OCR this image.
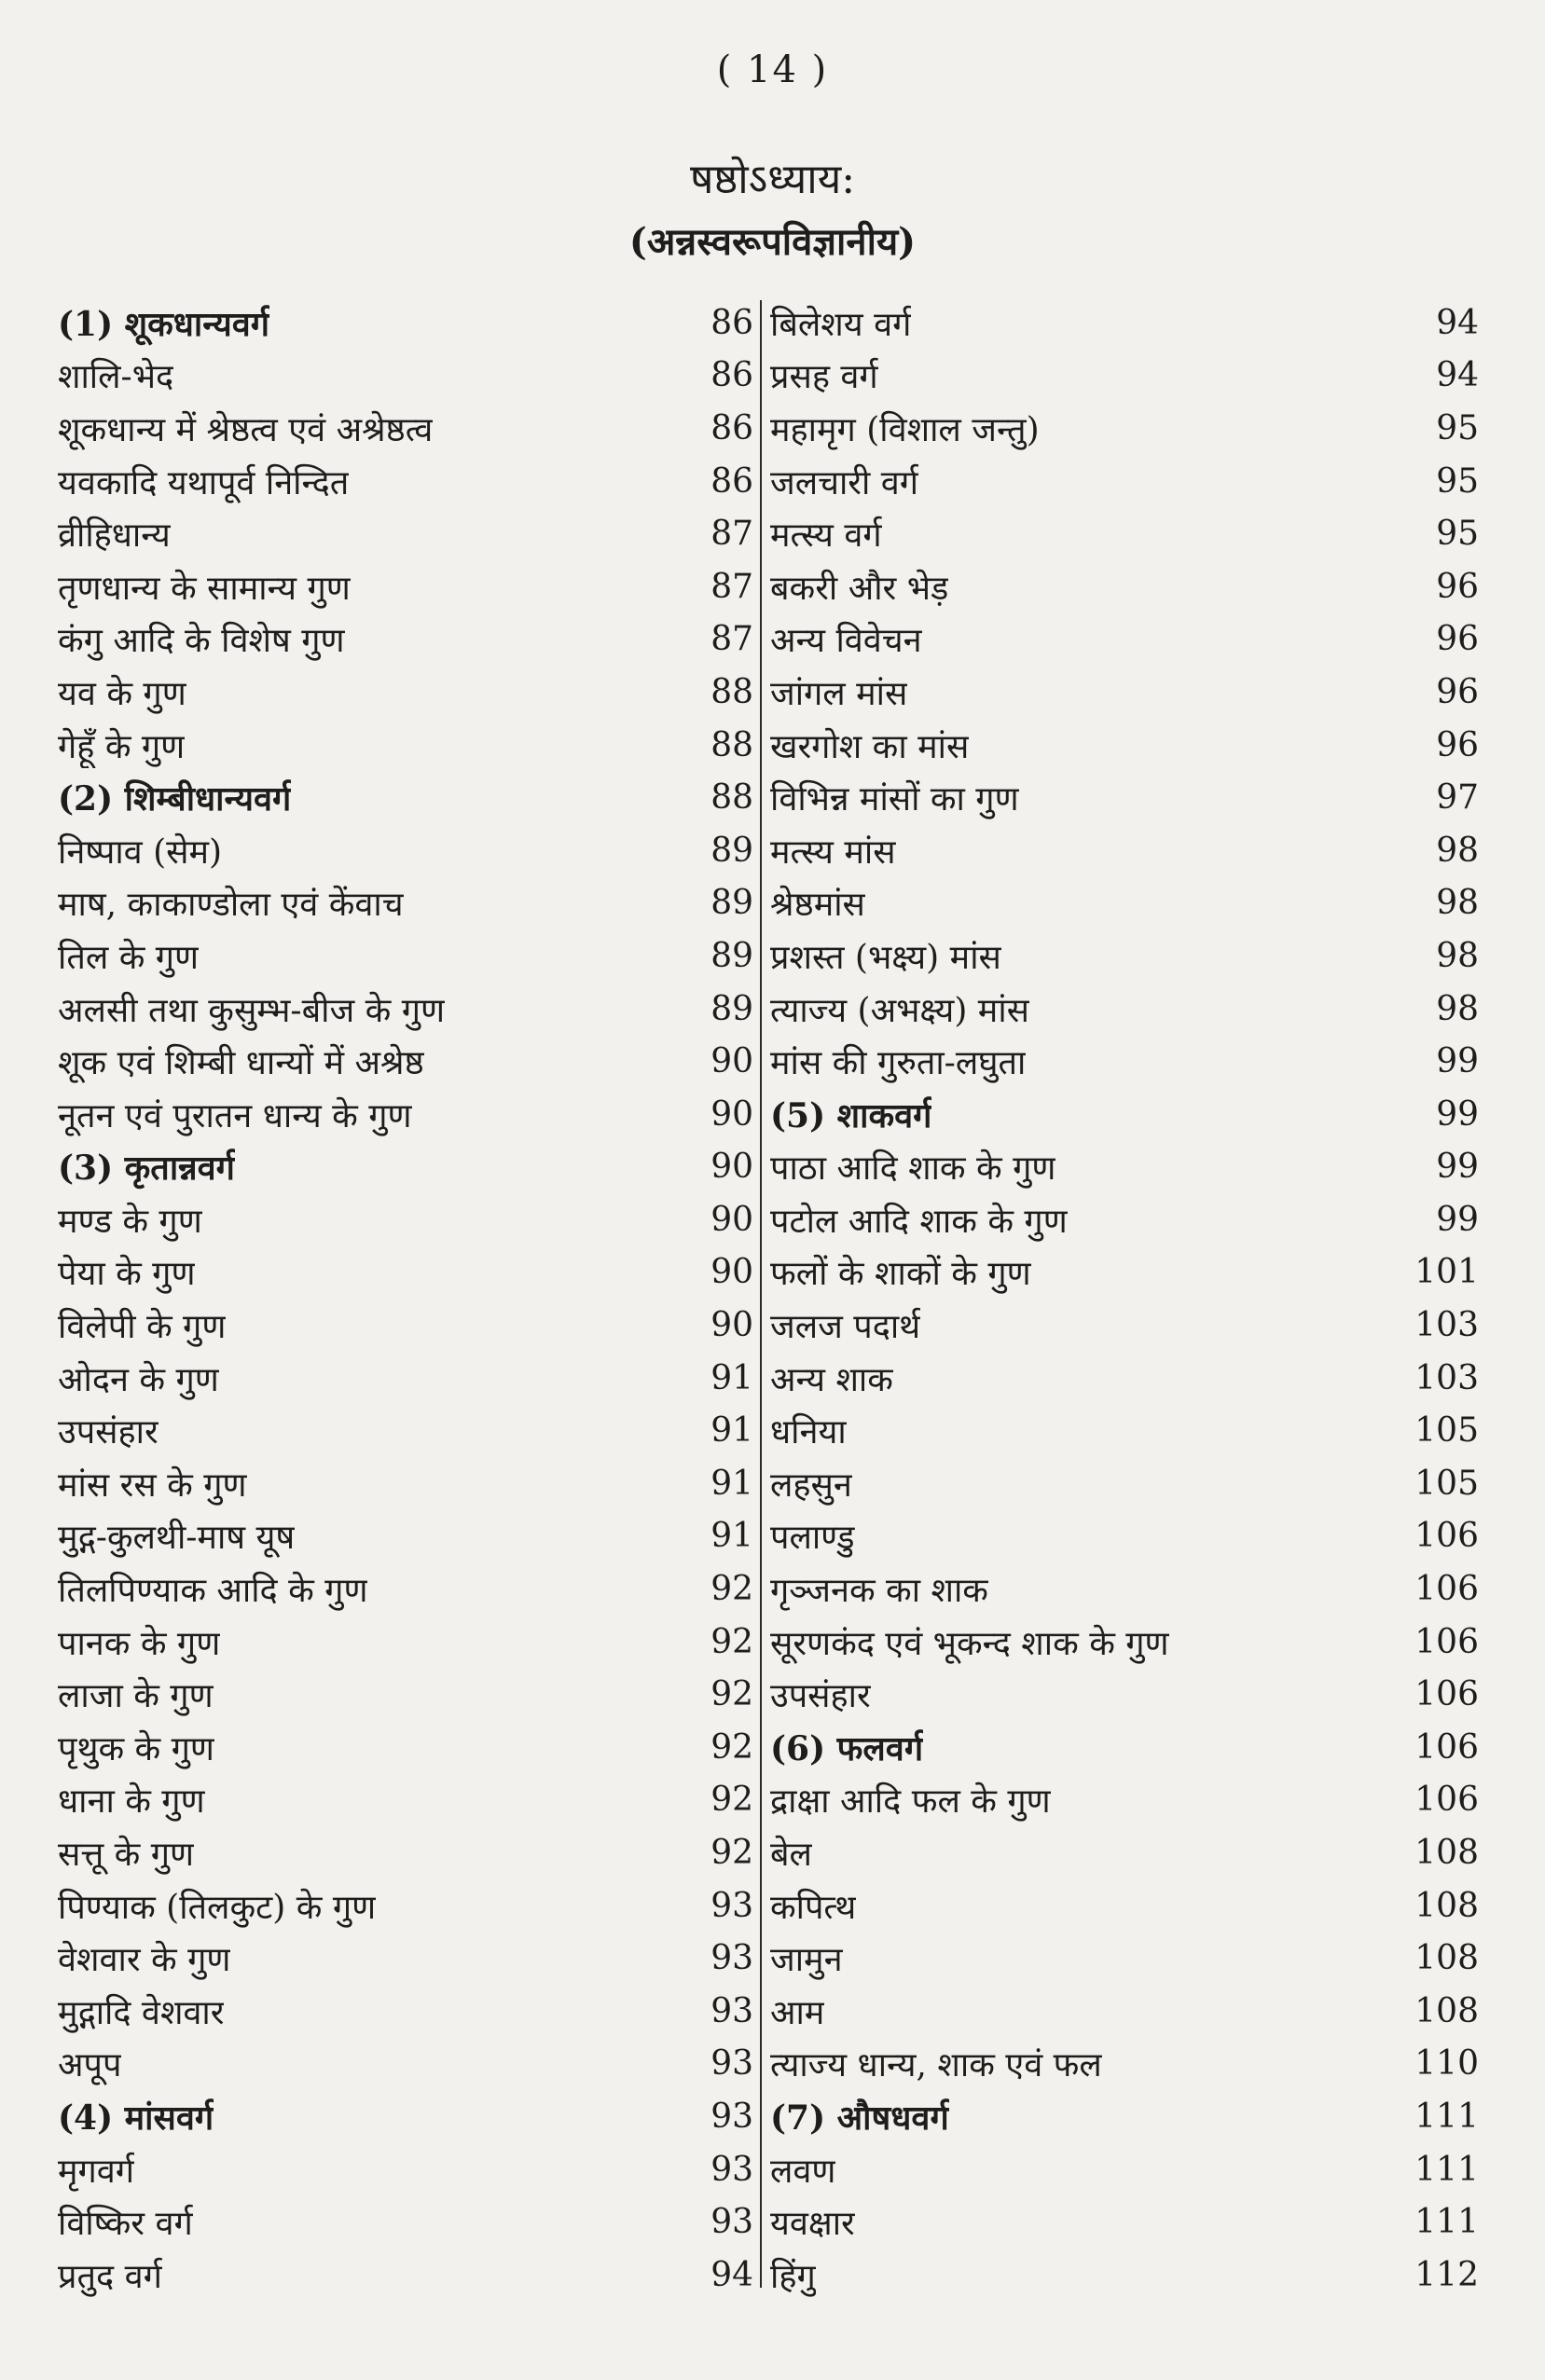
( 14 )
षष्ठोऽध्याय:
(अन्नस्वरूपविज्ञानीय)
(1) शूकधान्यवर्ग	86
शालि-भेद	86
शूकधान्य में श्रेष्ठत्व एवं अश्रेष्ठत्व	86
यवकादि यथापूर्व निन्दित	86
व्रीहिधान्य	87
तृणधान्य के सामान्य गुण	87
कंगु आदि के विशेष गुण	87
यव के गुण	88
गेहूँ के गुण	88
(2) शिम्बीधान्यवर्ग	88
निष्पाव (सेम)	89
माष, काकाण्डोला एवं केंवाच	89
तिल के गुण	89
अलसी तथा कुसुम्भ-बीज के गुण	89
शूक एवं शिम्बी धान्यों में अश्रेष्ठ	90
नूतन एवं पुरातन धान्य के गुण	90
(3) कृतान्नवर्ग	90
मण्ड के गुण	90
पेया के गुण	90
विलेपी के गुण	90
ओदन के गुण	91
उपसंहार	91
मांस रस के गुण	91
मुद्ग-कुलथी-माष यूष	91
तिलपिण्याक आदि के गुण	92
पानक के गुण	92
लाजा के गुण	92
पृथुक के गुण	92
धाना के गुण	92
सत्तू के गुण	92
पिण्याक (तिलकुट) के गुण	93
वेशवार के गुण	93
मुद्गादि वेशवार	93
अपूप	93
(4) मांसवर्ग	93
मृगवर्ग	93
विष्किर वर्ग	93
प्रतुद वर्ग	94
बिलेशय वर्ग	94
प्रसह वर्ग	94
महामृग (विशाल जन्तु)	95
जलचारी वर्ग	95
मत्स्य वर्ग	95
बकरी और भेड़	96
अन्य विवेचन	96
जांगल मांस	96
खरगोश का मांस	96
विभिन्न मांसों का गुण	97
मत्स्य मांस	98
श्रेष्ठमांस	98
प्रशस्त (भक्ष्य) मांस	98
त्याज्य (अभक्ष्य) मांस	98
मांस की गुरुता-लघुता	99
(5) शाकवर्ग	99
पाठा आदि शाक के गुण	99
पटोल आदि शाक के गुण	99
फलों के शाकों के गुण	101
जलज पदार्थ	103
अन्य शाक	103
धनिया	105
लहसुन	105
पलाण्डु	106
गृञ्जनक का शाक	106
सूरणकंद एवं भूकन्द शाक के गुण	106
उपसंहार	106
(6) फलवर्ग	106
द्राक्षा आदि फल के गुण	106
बेल	108
कपित्थ	108
जामुन	108
आम	108
त्याज्य धान्य, शाक एवं फल	110
(7) औषधवर्ग	111
लवण	111
यवक्षार	111
हिंगु	112
